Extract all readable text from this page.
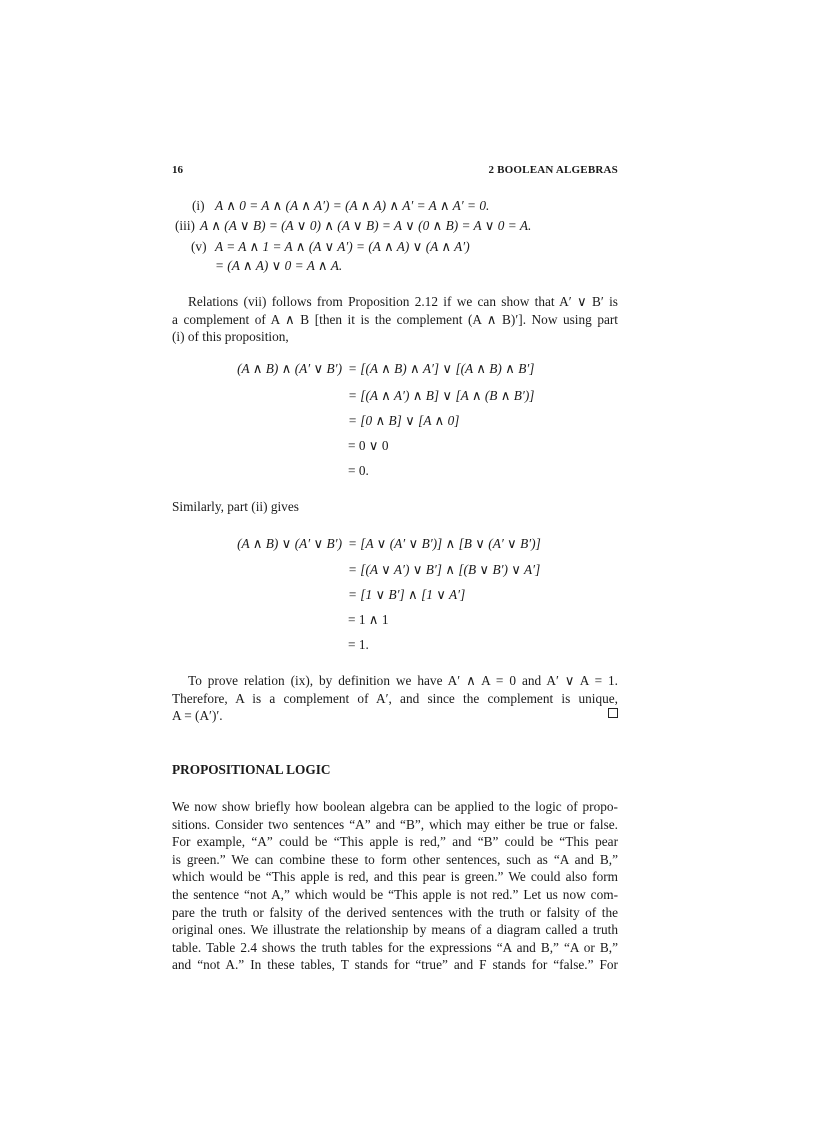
16	2 BOOLEAN ALGEBRAS
(i) A ∧ 0 = A ∧ (A ∧ A′) = (A ∧ A) ∧ A′ = A ∧ A′ = 0.
(iii) A ∧ (A ∨ B) = (A ∨ 0) ∧ (A ∨ B) = A ∨ (0 ∧ B) = A ∨ 0 = A.
(v) A = A ∧ 1 = A ∧ (A ∨ A′) = (A ∧ A) ∨ (A ∧ A′)
= (A ∧ A) ∨ 0 = A ∧ A.
Relations (vii) follows from Proposition 2.12 if we can show that A′ ∨ B′ is
a complement of A ∧ B [then it is the complement (A ∧ B)′]. Now using part
(i) of this proposition,
(A ∧ B) ∧ (A′ ∨ B′) = [(A ∧ B) ∧ A′] ∨ [(A ∧ B) ∧ B′]
= [(A ∧ A′) ∧ B] ∨ [A ∧ (B ∧ B′)]
= [0 ∧ B] ∨ [A ∧ 0]
= 0 ∨ 0
= 0.
Similarly, part (ii) gives
(A ∧ B) ∨ (A′ ∨ B′) = [A ∨ (A′ ∨ B′)] ∧ [B ∨ (A′ ∨ B′)]
= [(A ∨ A′) ∨ B′] ∧ [(B ∨ B′) ∨ A′]
= [1 ∨ B′] ∧ [1 ∨ A′]
= 1 ∧ 1
= 1.
To prove relation (ix), by definition we have A′ ∧ A = 0 and A′ ∨ A = 1.
Therefore, A is a complement of A′, and since the complement is unique,
A = (A′)′.
PROPOSITIONAL LOGIC
We now show briefly how boolean algebra can be applied to the logic of propo-
sitions. Consider two sentences “A” and “B”, which may either be true or false.
For example, “A” could be “This apple is red,” and “B” could be “This pear
is green.” We can combine these to form other sentences, such as “A and B,”
which would be “This apple is red, and this pear is green.” We could also form
the sentence “not A,” which would be “This apple is not red.” Let us now com-
pare the truth or falsity of the derived sentences with the truth or falsity of the
original ones. We illustrate the relationship by means of a diagram called a truth
table. Table 2.4 shows the truth tables for the expressions “A and B,” “A or B,”
and “not A.” In these tables, T stands for “true” and F stands for “false.” For
